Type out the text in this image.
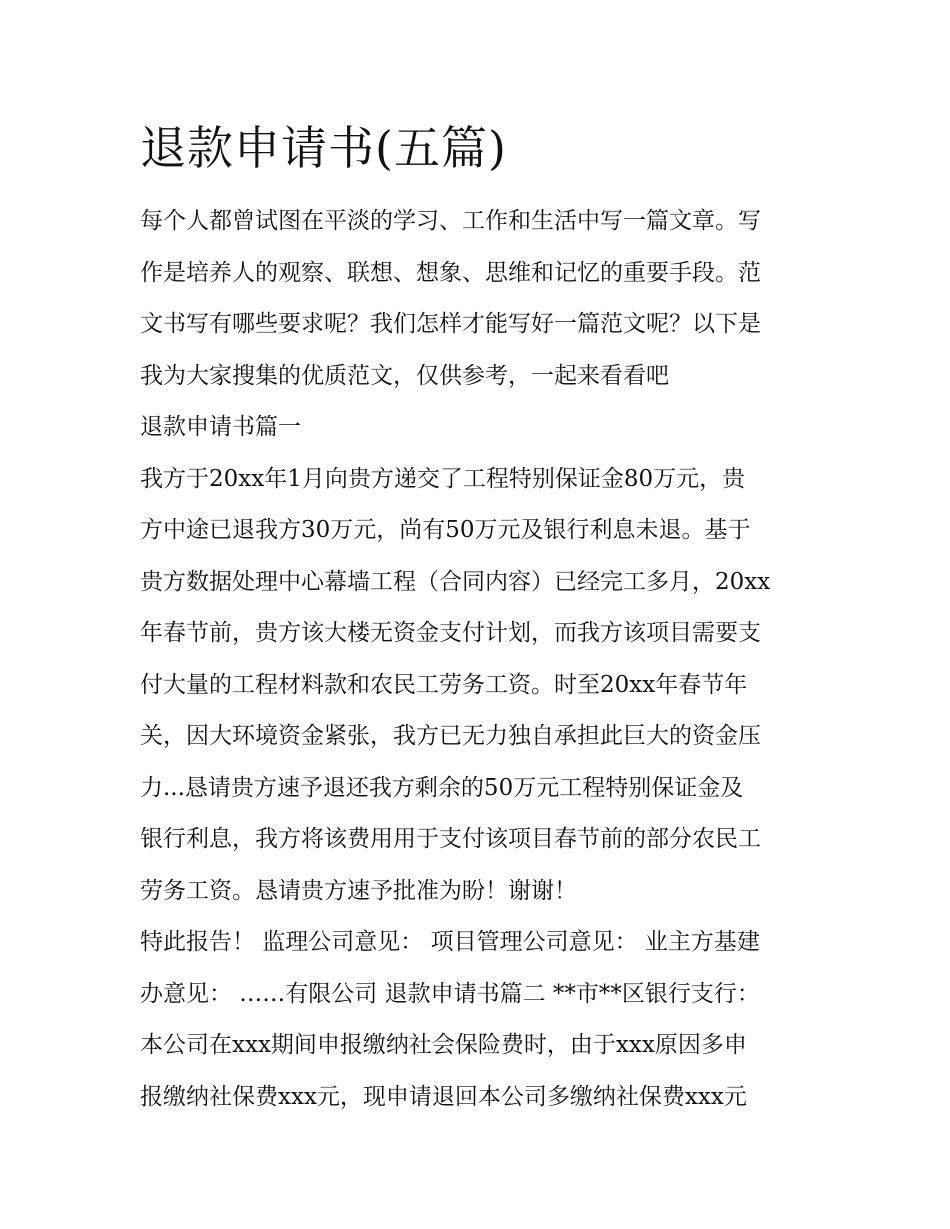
退款申请书(五篇)
每个人都曾试图在平淡的学习、工作和生活中写一篇文章。写
作是培养人的观察、联想、想象、思维和记忆的重要手段。范
文书写有哪些要求呢？我们怎样才能写好一篇范文呢？以下是
我为大家搜集的优质范文，仅供参考，一起来看看吧
退款申请书篇一
我方于20xx年1月向贵方递交了工程特别保证金80万元，贵
方中途已退我方30万元，尚有50万元及银行利息未退。基于
贵方数据处理中心幕墙工程（合同内容）已经完工多月，20xx
年春节前，贵方该大楼无资金支付计划，而我方该项目需要支
付大量的工程材料款和农民工劳务工资。时至20xx年春节年
关，因大环境资金紧张，我方已无力独自承担此巨大的资金压
力...恳请贵方速予退还我方剩余的50万元工程特别保证金及
银行利息，我方将该费用用于支付该项目春节前的部分农民工
劳务工资。恳请贵方速予批准为盼！谢谢！
特此报告！ 监理公司意见： 项目管理公司意见： 业主方基建
办意见： ……有限公司 退款申请书篇二 **市**区银行支行：
本公司在xxx期间申报缴纳社会保险费时，由于xxx原因多申
报缴纳社保费xxx元，现申请退回本公司多缴纳社保费xxx元
